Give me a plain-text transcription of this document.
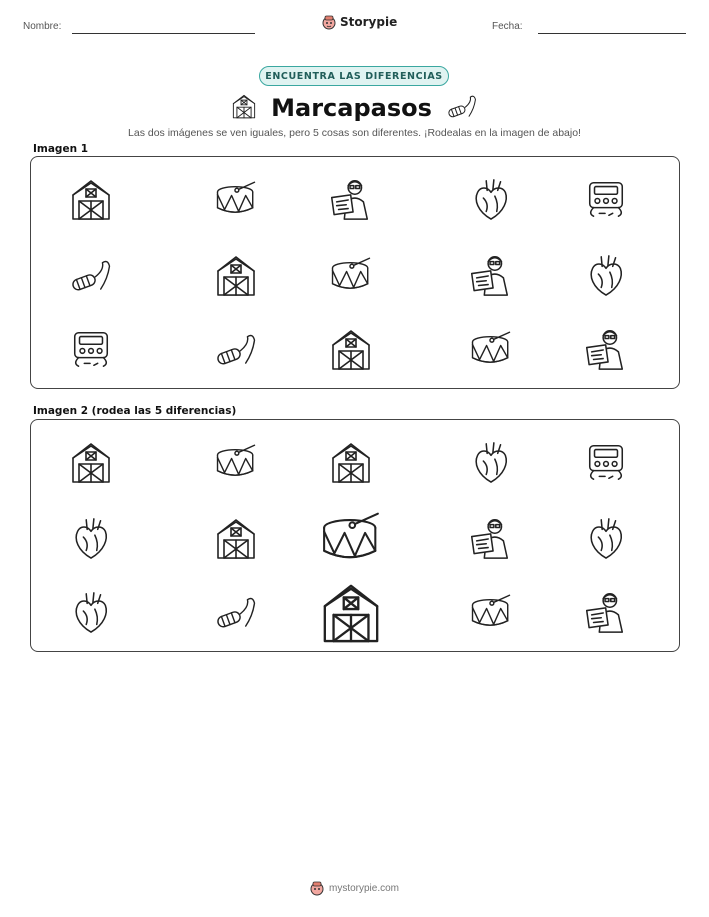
Nombre:	Storypie	Fecha:
ENCUENTRA LAS DIFERENCIAS
Marcapasos
Las dos imágenes se ven iguales, pero 5 cosas son diferentes. ¡Rodealas en la imagen de abajo!
Imagen 1
Imagen 2 (rodea las 5 diferencias)
mystorypie.com
